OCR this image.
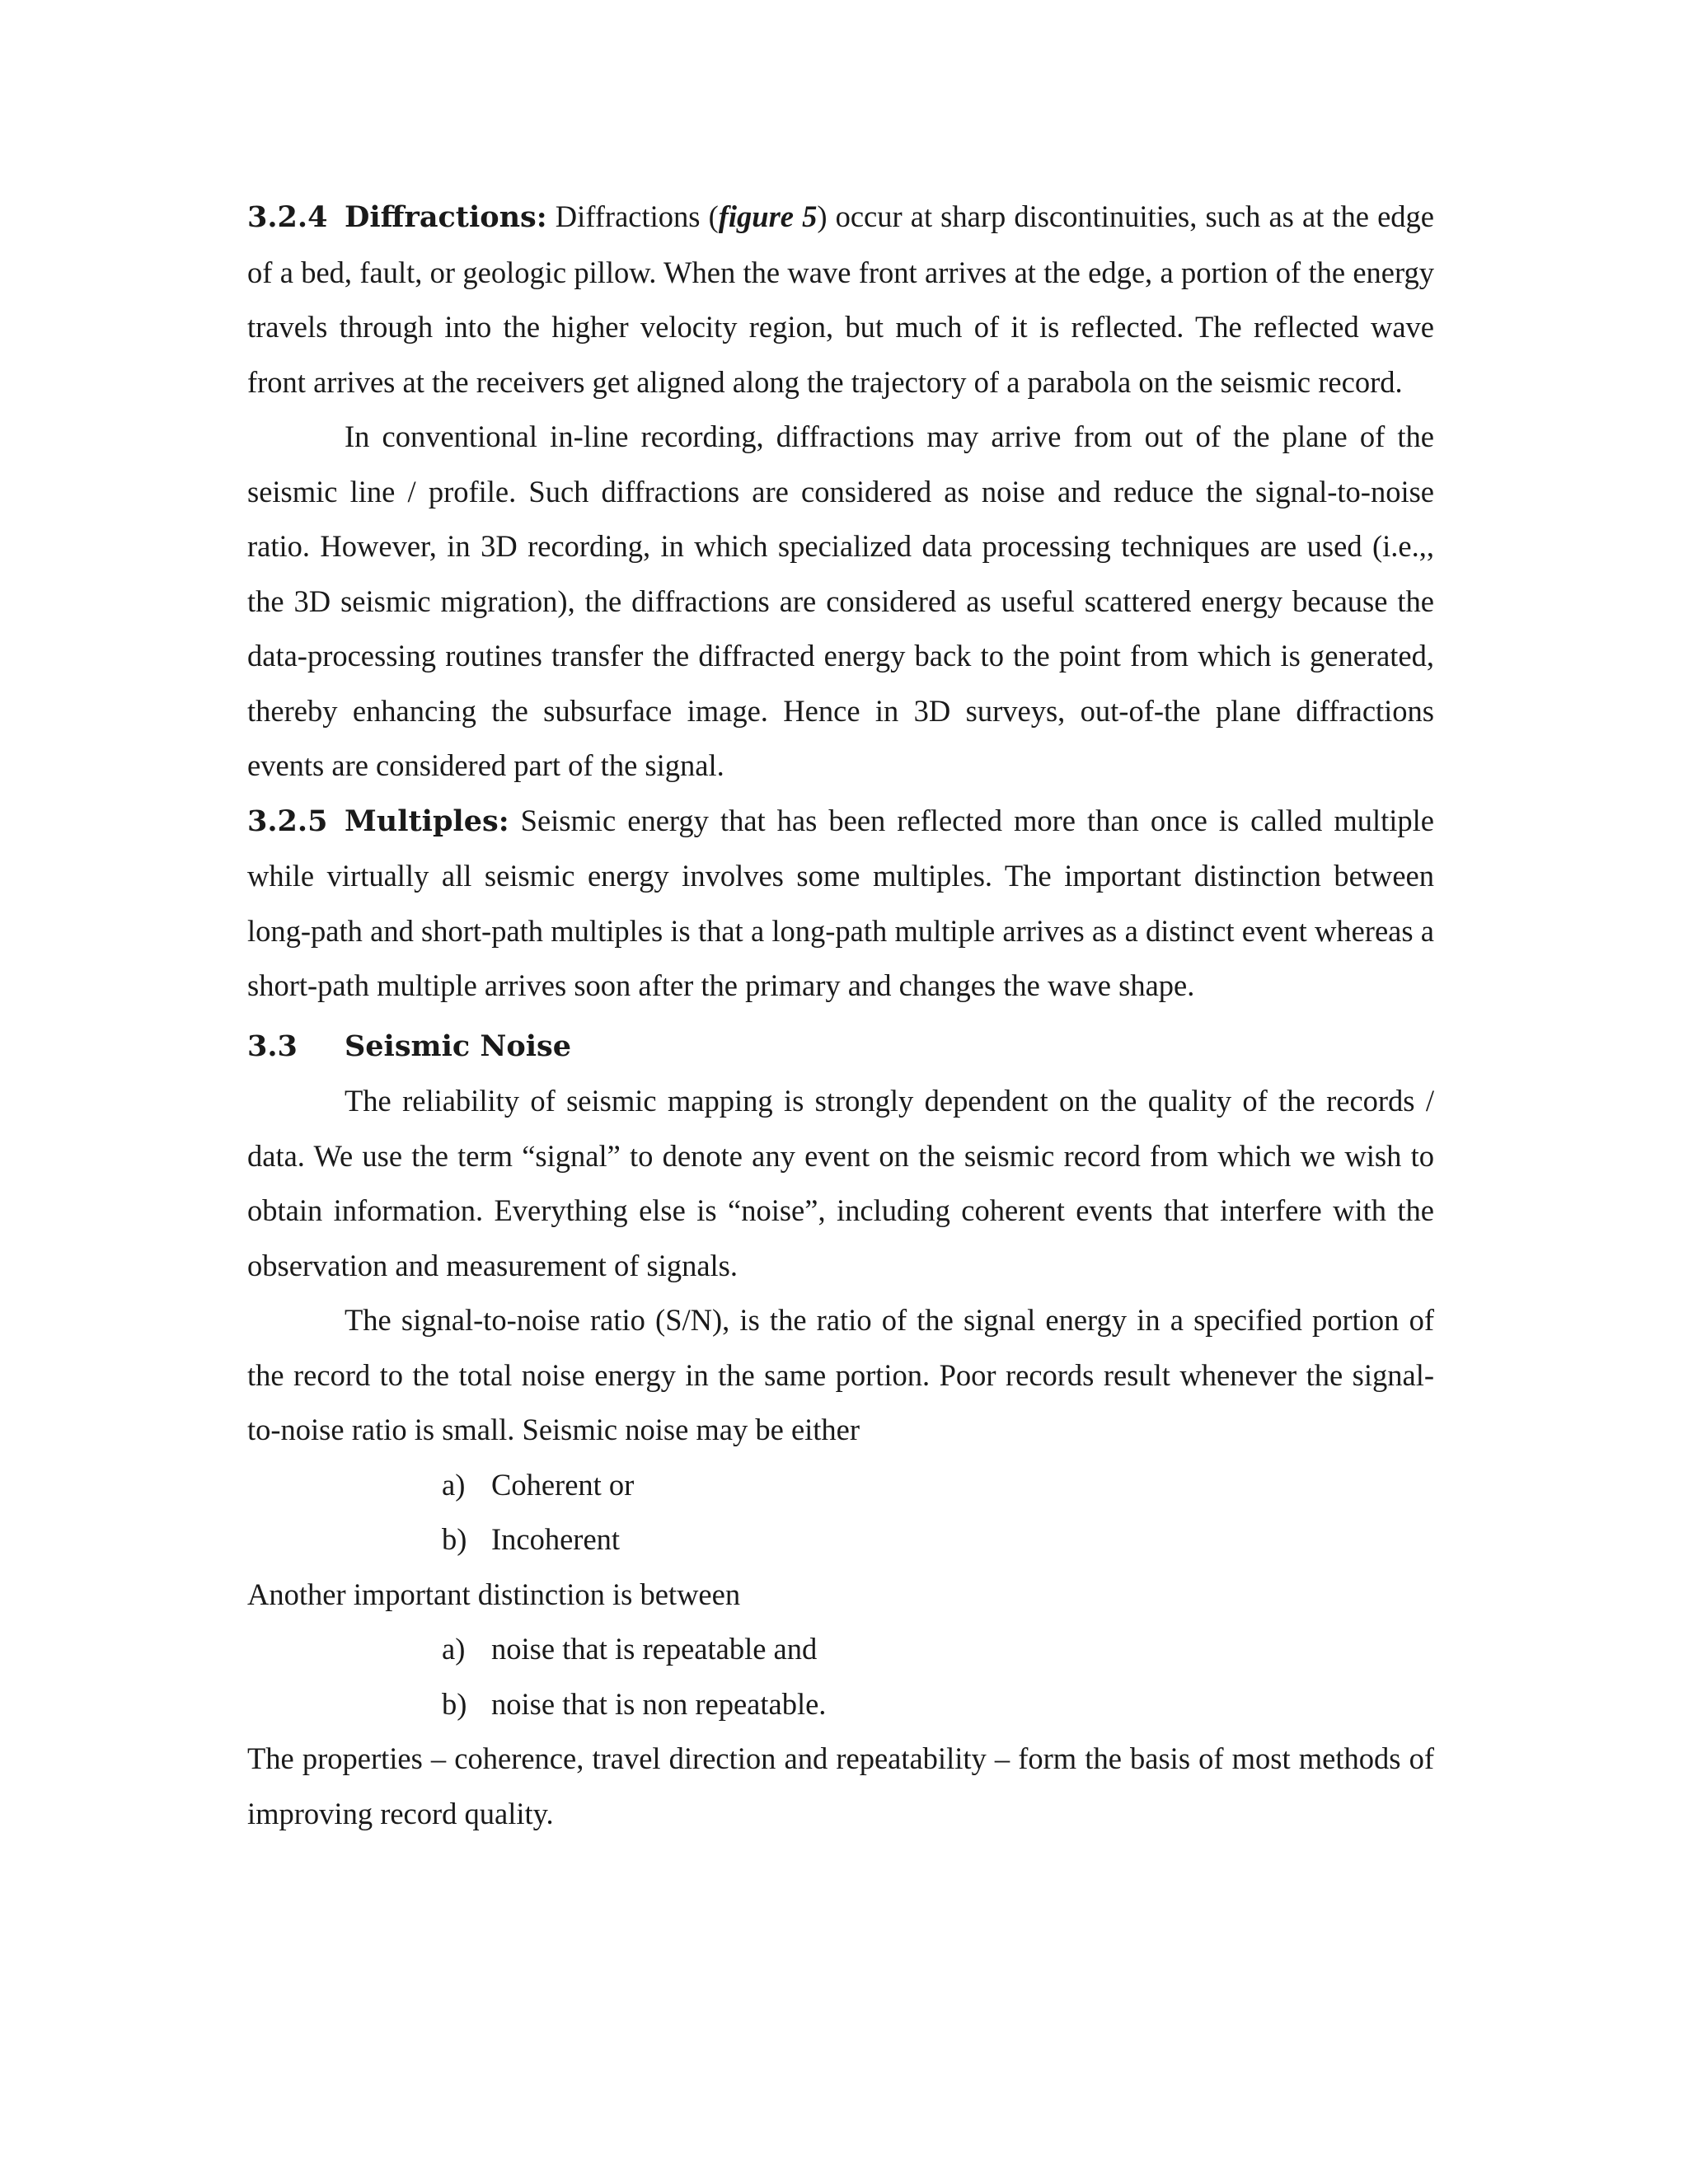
3.2.4 Diffractions: Diffractions (figure 5) occur at sharp discontinuities, such as at the edge of a bed, fault, or geologic pillow. When the wave front arrives at the edge, a portion of the energy travels through into the higher velocity region, but much of it is reflected. The reflected wave front arrives at the receivers get aligned along the trajectory of a parabola on the seismic record.

In conventional in-line recording, diffractions may arrive from out of the plane of the seismic line / profile. Such diffractions are considered as noise and reduce the signal-to-noise ratio. However, in 3D recording, in which specialized data processing techniques are used (i.e.,, the 3D seismic migration), the diffractions are considered as useful scattered energy because the data-processing routines transfer the diffracted energy back to the point from which is generated, thereby enhancing the subsurface image. Hence in 3D surveys, out-of-the plane diffractions events are considered part of the signal.

3.2.5 Multiples: Seismic energy that has been reflected more than once is called multiple while virtually all seismic energy involves some multiples. The important distinction between long-path and short-path multiples is that a long-path multiple arrives as a distinct event whereas a short-path multiple arrives soon after the primary and changes the wave shape.

3.3 Seismic Noise

The reliability of seismic mapping is strongly dependent on the quality of the records / data. We use the term “signal” to denote any event on the seismic record from which we wish to obtain information. Everything else is “noise”, including coherent events that interfere with the observation and measurement of signals.

The signal-to-noise ratio (S/N), is the ratio of the signal energy in a specified portion of the record to the total noise energy in the same portion. Poor records result whenever the signal-to-noise ratio is small. Seismic noise may be either

a) Coherent or
b) Incoherent

Another important distinction is between

a) noise that is repeatable and
b) noise that is non repeatable.

The properties – coherence, travel direction and repeatability – form the basis of most methods of improving record quality.
